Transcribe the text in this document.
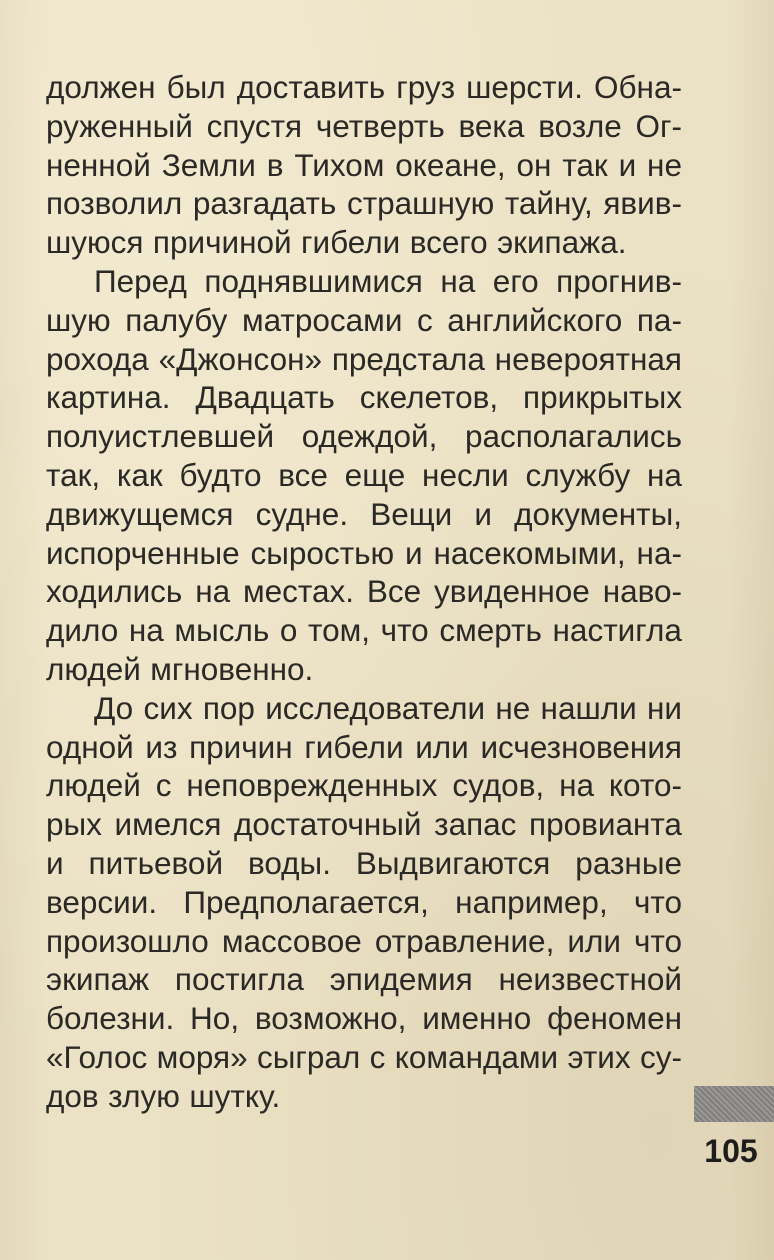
должен был доставить груз шерсти. Обна-
руженный спустя четверть века возле Ог-
ненной Земли в Тихом океане, он так и не
позволил разгадать страшную тайну, явив-
шуюся причиной гибели всего экипажа.
Перед поднявшимися на его прогнив-
шую палубу матросами с английского па-
рохода «Джонсон» предстала невероятная
картина. Двадцать скелетов, прикрытых
полуистлевшей одеждой, располагались
так, как будто все еще несли службу на
движущемся судне. Вещи и документы,
испорченные сыростью и насекомыми, на-
ходились на местах. Все увиденное наво-
дило на мысль о том, что смерть настигла
людей мгновенно.
До сих пор исследователи не нашли ни
одной из причин гибели или исчезновения
людей с неповрежденных судов, на кото-
рых имелся достаточный запас провианта
и питьевой воды. Выдвигаются разные
версии. Предполагается, например, что
произошло массовое отравление, или что
экипаж постигла эпидемия неизвестной
болезни. Но, возможно, именно феномен
«Голос моря» сыграл с командами этих су-
дов злую шутку.
105
